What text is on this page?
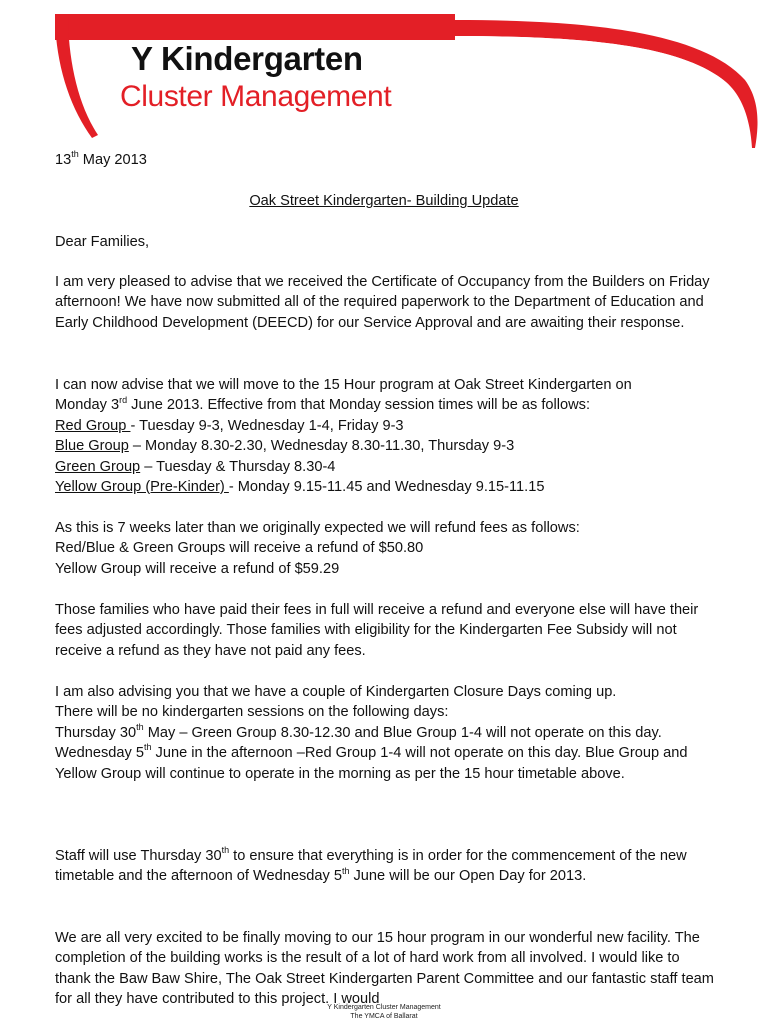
Y Kindergarten
Cluster Management
13th May 2013
Oak Street Kindergarten- Building Update
Dear Families,
I am very pleased to advise that we received the Certificate of Occupancy from the Builders on Friday afternoon! We have now submitted all of the required paperwork to the Department of Education and Early Childhood Development (DEECD) for our Service Approval and are awaiting their response.

I can now advise that we will move to the 15 Hour program at Oak Street Kindergarten on

Monday 3rd June 2013. Effective from that Monday session times will be as follows:

Red Group - Tuesday 9-3, Wednesday 1-4, Friday 9-3

Blue Group – Monday 8.30-2.30, Wednesday 8.30-11.30, Thursday 9-3

Green Group – Tuesday & Thursday 8.30-4

Yellow Group (Pre-Kinder) - Monday 9.15-11.45 and Wednesday 9.15-11.15

As this is 7 weeks later than we originally expected we will refund fees as follows:

Red/Blue & Green Groups will receive a refund of $50.80

Yellow Group will receive a refund of $59.29

Those families who have paid their fees in full will receive a refund and everyone else will have their fees adjusted accordingly. Those families with eligibility for the Kindergarten Fee Subsidy will not receive a refund as they have not paid any fees.

I am also advising you that we have a couple of Kindergarten Closure Days coming up.

There will be no kindergarten sessions on the following days:

Thursday 30th May – Green Group 8.30-12.30 and Blue Group 1-4 will not operate on this day.

Wednesday 5th June in the afternoon –Red Group 1-4 will not operate on this day. Blue Group and Yellow Group will continue to operate in the morning as per the 15 hour timetable above.

Staff will use Thursday 30th to ensure that everything is in order for the commencement of the new timetable and the afternoon of Wednesday 5th June will be our Open Day for 2013.
We are all very excited to be finally moving to our 15 hour program in our wonderful new facility. The completion of the building works is the result of a lot of hard work from all involved. I would like to thank the Baw Baw Shire, The Oak Street Kindergarten Parent Committee and our fantastic staff team for all they have contributed to this project. I would
Y Kindergarten Cluster Management
The YMCA of Ballarat
